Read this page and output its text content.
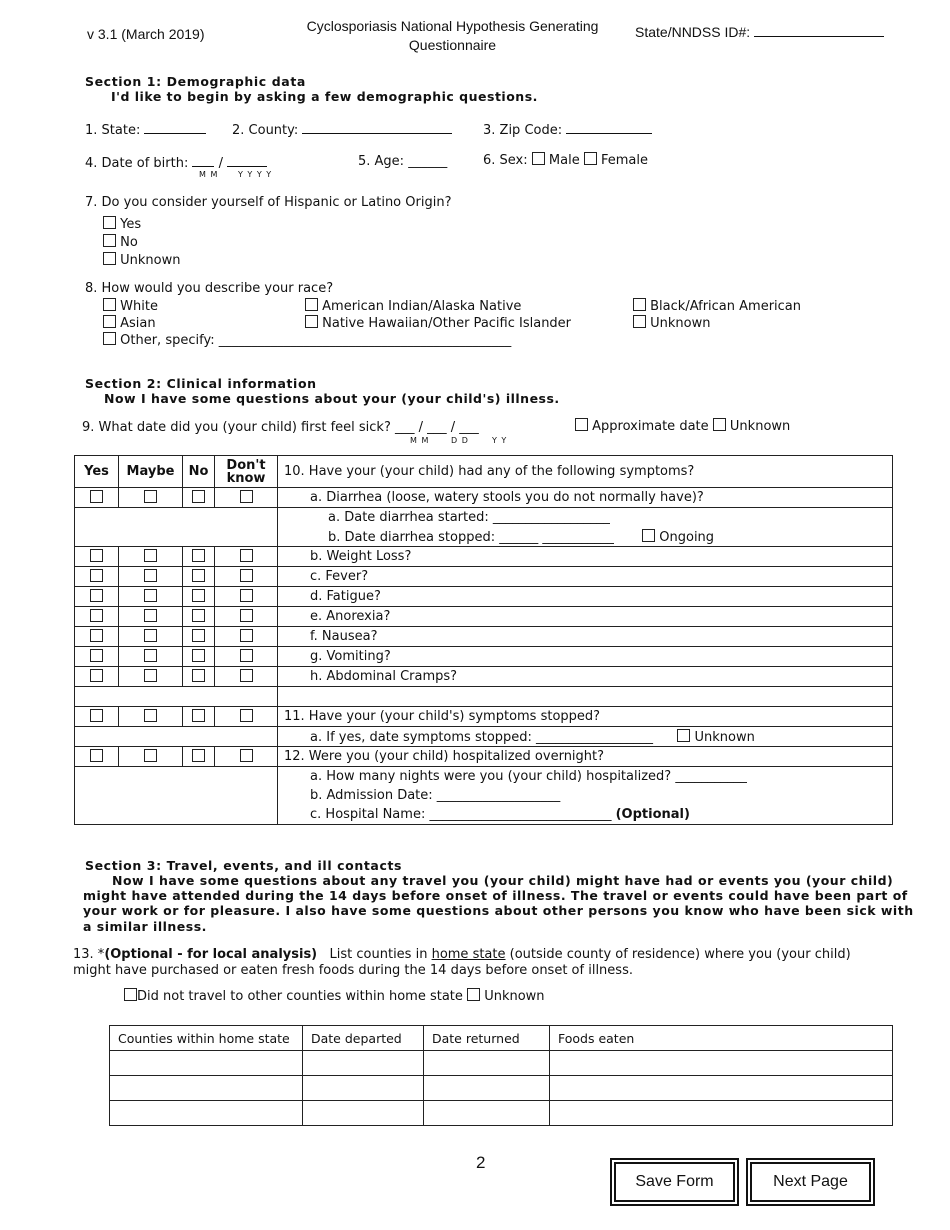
v 3.1 (March 2019)	Cyclosporiasis National Hypothesis Generating
Questionnaire
State/NNDSS ID#:
Section 1: Demographic data
I'd like to begin by asking a few demographic questions.
1. State:	2. County:	3. Zip Code:
4. Date of birth: /
M M Y Y Y Y
5. Age: ______	6. Sex: Male Female
7. Do you consider yourself of Hispanic or Latino Origin?
Yes
No
Unknown
8. How would you describe your race?
White
Asian
Other, specify: _____________________________________________
American Indian/Alaska Native
Native Hawaiian/Other Pacific Islander
Black/African American
Unknown
Section 2: Clinical information
Now I have some questions about your (your child's) illness.
9. What date did you (your child) first feel sick? ___ / ___ / ___
M M	D D	Y Y
Approximate date Unknown
Yes	Maybe	No	Don't know	10. Have your (your child) had any of the following symptoms?
				a. Diarrhea (loose, watery stools you do not normally have)?
				a. Date diarrhea started: __________________
				b. Date diarrhea stopped: ______ ___________ Ongoing
				b. Weight Loss?
				c. Fever?
				d. Fatigue?
				e. Anorexia?
				f. Nausea?
				g. Vomiting?
				h. Abdominal Cramps?

				11. Have your (your child's) symptoms stopped?
				a. If yes, date symptoms stopped: __________________ Unknown
				12. Were you (your child) hospitalized overnight?
				a. How many nights were you (your child) hospitalized? ___________
				b. Admission Date: ___________________
				c. Hospital Name: ____________________________ (Optional)
Section 3: Travel, events, and ill contacts
Now I have some questions about any travel you (your child) might have had or events you (your child)
might have attended during the 14 days before onset of illness. The travel or events could have been part of
your work or for pleasure. I also have some questions about other persons you know who have been sick with
a similar illness.
13. *(Optional - for local analysis) List counties in home state (outside county of residence) where you (your child)
might have purchased or eaten fresh foods during the 14 days before onset of illness.
Did not travel to other counties within home state Unknown
Counties within home state	Date departed	Date returned	Foods eaten

2
Save Form	Next Page
